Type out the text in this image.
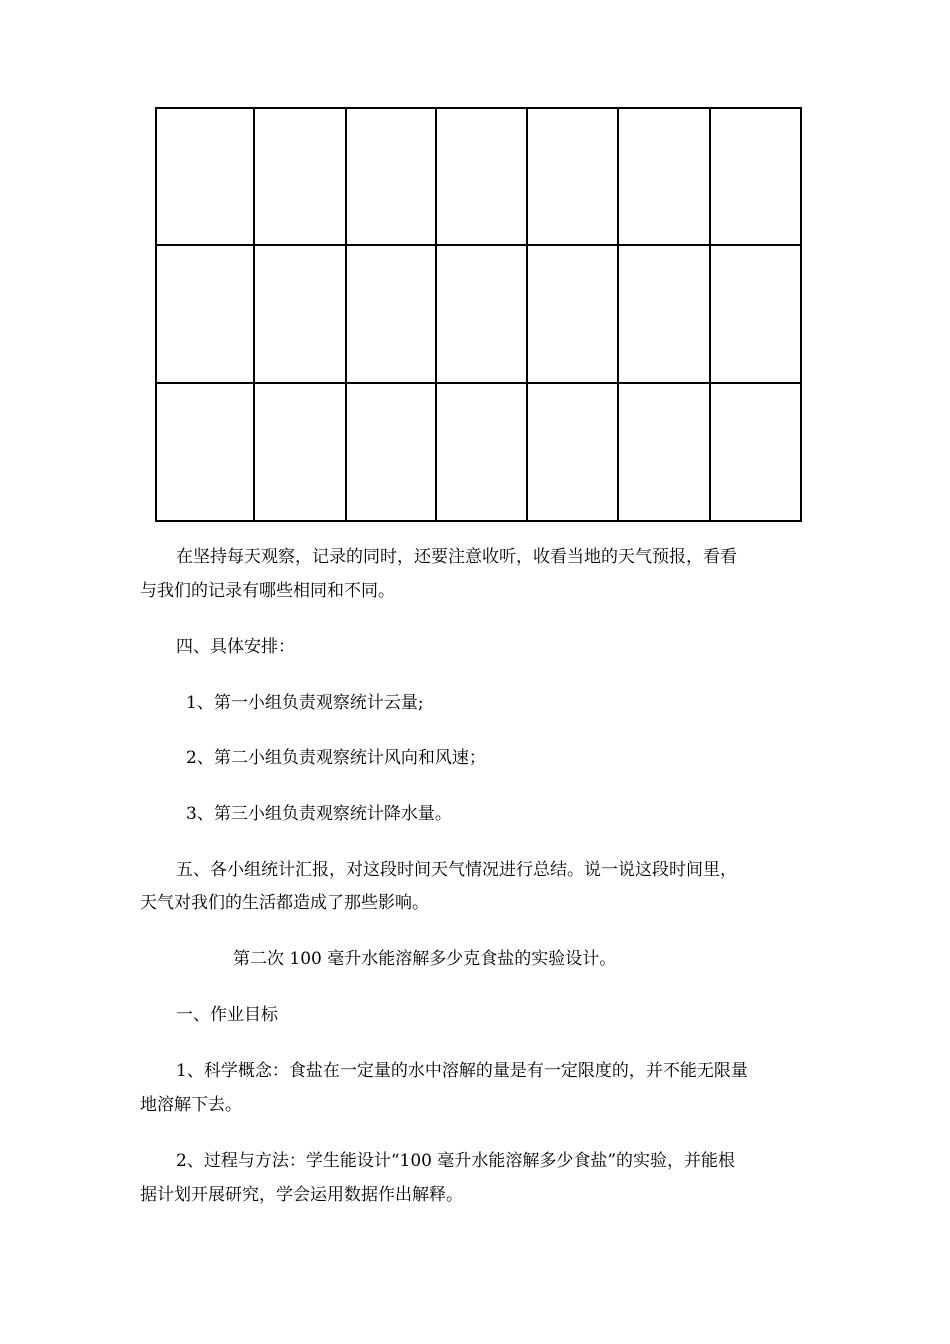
在坚持每天观察，记录的同时，还要注意收听，收看当地的天气预报，看看

与我们的记录有哪些相同和不同。

四、具体安排：

1、第一小组负责观察统计云量;

2、第二小组负责观察统计风向和风速；

3、第三小组负责观察统计降水量。

五、各小组统计汇报，对这段时间天气情况进行总结。说一说这段时间里，

天气对我们的生活都造成了那些影响。

第二次 100 毫升水能溶解多少克食盐的实验设计。

一、作业目标

1、科学概念：食盐在一定量的水中溶解的量是有一定限度的，并不能无限量

地溶解下去。

2、过程与方法：学生能设计“100 毫升水能溶解多少食盐”的实验，并能根

据计划开展研究，学会运用数据作出解释。
